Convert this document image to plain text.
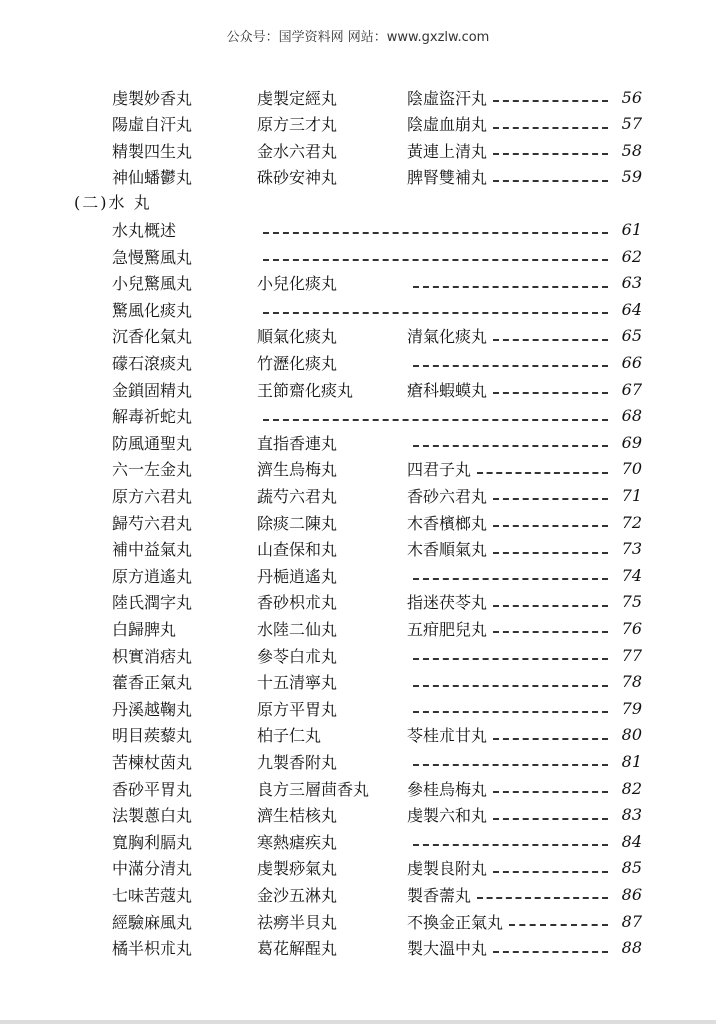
公众号：国学资料网 网站：www.gxzlw.com
(二)水 丸
虔製妙香丸	虔製定經丸	陰虛盜汗丸	56
陽虛自汗丸	原方三才丸	陰虛血崩丸	57
精製四生丸	金水六君丸	黃連上清丸	58
神仙蟠鬱丸	硃砂安神丸	脾腎雙補丸	59
水丸概述	61
急慢驚風丸	62
小兒驚風丸	小兒化痰丸	63
驚風化痰丸	64
沉香化氣丸	順氣化痰丸	清氣化痰丸	65
礞石滾痰丸	竹瀝化痰丸	66
金鎖固精丸	王節齋化痰丸	瘡科蝦蟆丸	67
解毒祈蛇丸	68
防風通聖丸	直指香連丸	69
六一左金丸	濟生烏梅丸	四君子丸	70
原方六君丸	蔬芍六君丸	香砂六君丸	71
歸芍六君丸	除痰二陳丸	木香檳榔丸	72
補中益氣丸	山查保和丸	木香順氣丸	73
原方逍遙丸	丹梔逍遙丸	74
陸氏潤字丸	香砂枳朮丸	指迷茯苓丸	75
白歸脾丸	水陸二仙丸	五疳肥兒丸	76
枳實消痞丸	參苓白朮丸	77
藿香正氣丸	十五清寧丸	78
丹溪越鞠丸	原方平胃丸	79
明目蒺藜丸	柏子仁丸	苓桂朮甘丸	80
苦楝杖茵丸	九製香附丸	81
香砂平胃丸	良方三層茴香丸	參桂烏梅丸	82
法製蔥白丸	濟生桔核丸	虔製六和丸	83
寬胸利膈丸	寒熱瘧疾丸	84
中滿分清丸	虔製痧氣丸	虔製良附丸	85
七味苦蔻丸	金沙五淋丸	製香薷丸	86
經驗麻風丸	祛癆半貝丸	不換金正氣丸	87
橘半枳朮丸	葛花解酲丸	製大溫中丸	88
